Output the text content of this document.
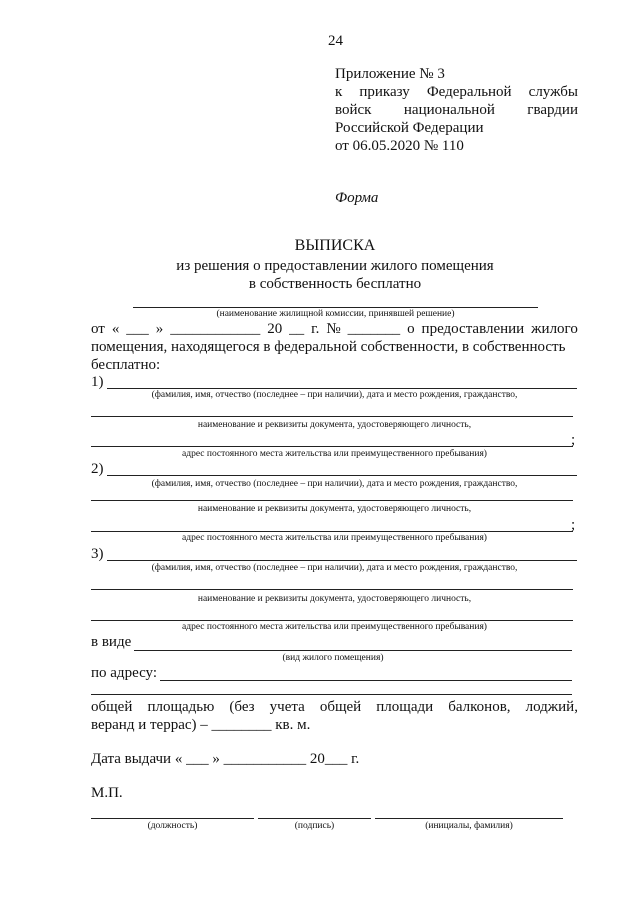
24
Приложение № 3
к приказу Федеральной службы
войск национальной гвардии
Российской Федерации
от 06.05.2020 № 110
Форма
ВЫПИСКА
из решения о предоставлении жилого помещения
в собственность бесплатно
(наименование жилищной комиссии, принявшей решение)
от « ___ » ____________ 20 __ г. № _______ о предоставлении жилого
помещения, находящегося в федеральной собственности, в собственность
бесплатно:
1)
(фамилия, имя, отчество (последнее – при наличии), дата и место рождения, гражданство,
наименование и реквизиты документа, удостоверяющего личность,
;
адрес постоянного места жительства или преимущественного пребывания)
2)
(фамилия, имя, отчество (последнее – при наличии), дата и место рождения, гражданство,
наименование и реквизиты документа, удостоверяющего личность,
;
адрес постоянного места жительства или преимущественного пребывания)
3)
(фамилия, имя, отчество (последнее – при наличии), дата и место рождения, гражданство,
наименование и реквизиты документа, удостоверяющего личность,
адрес постоянного места жительства или преимущественного пребывания)
в виде
(вид жилого помещения)
по адресу:
общей площадью (без учета общей площади балконов, лоджий,
веранд и террас) – ________ кв. м.
Дата выдачи « ___ » ___________ 20___ г.
М.П.
(должность)	(подпись)	(инициалы, фамилия)
